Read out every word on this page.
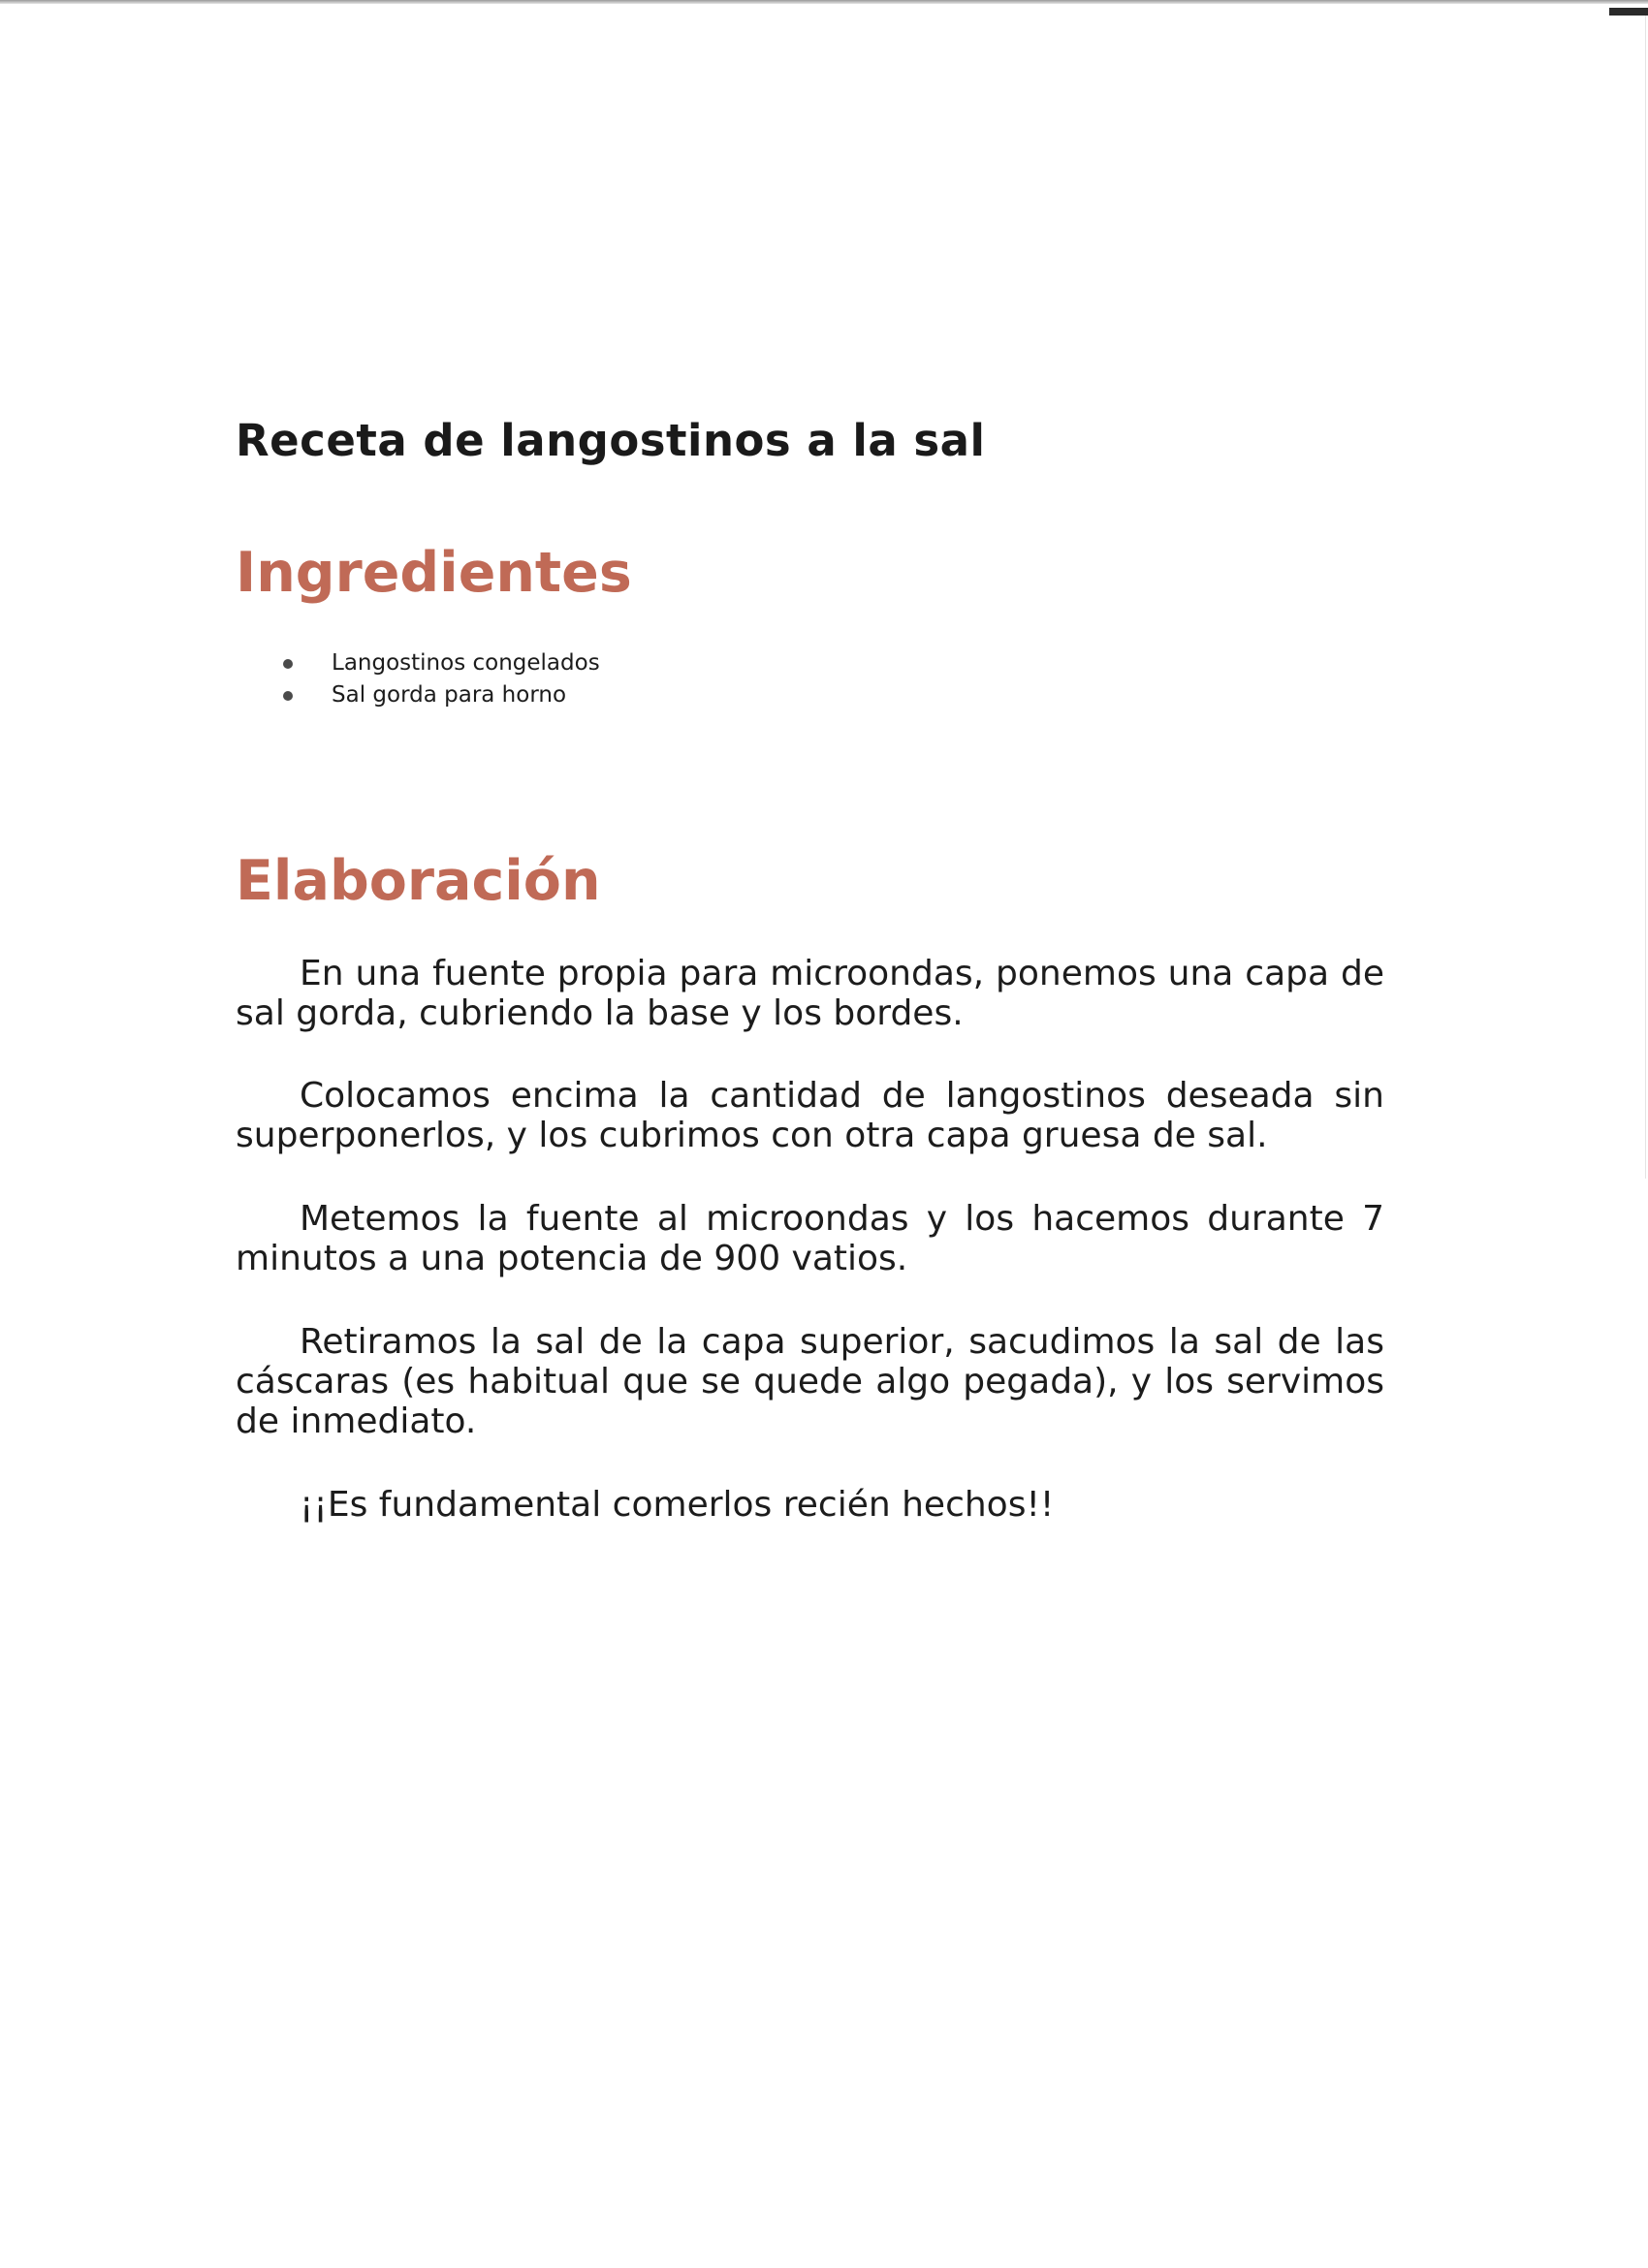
Receta de langostinos a la sal
Ingredientes
Langostinos congelados
Sal gorda para horno
Elaboración

En una fuente propia para microondas, ponemos una capa de sal gorda, cubriendo la base y los bordes.

Colocamos encima la cantidad de langostinos deseada sin superponerlos, y los cubrimos con otra capa gruesa de sal.

Metemos la fuente al microondas y los hacemos durante 7 minutos a una potencia de 900 vatios.

Retiramos la sal de la capa superior, sacudimos la sal de las cáscaras (es habitual que se quede algo pegada), y los servimos de inmediato.

¡¡Es fundamental comerlos recién hechos!!
